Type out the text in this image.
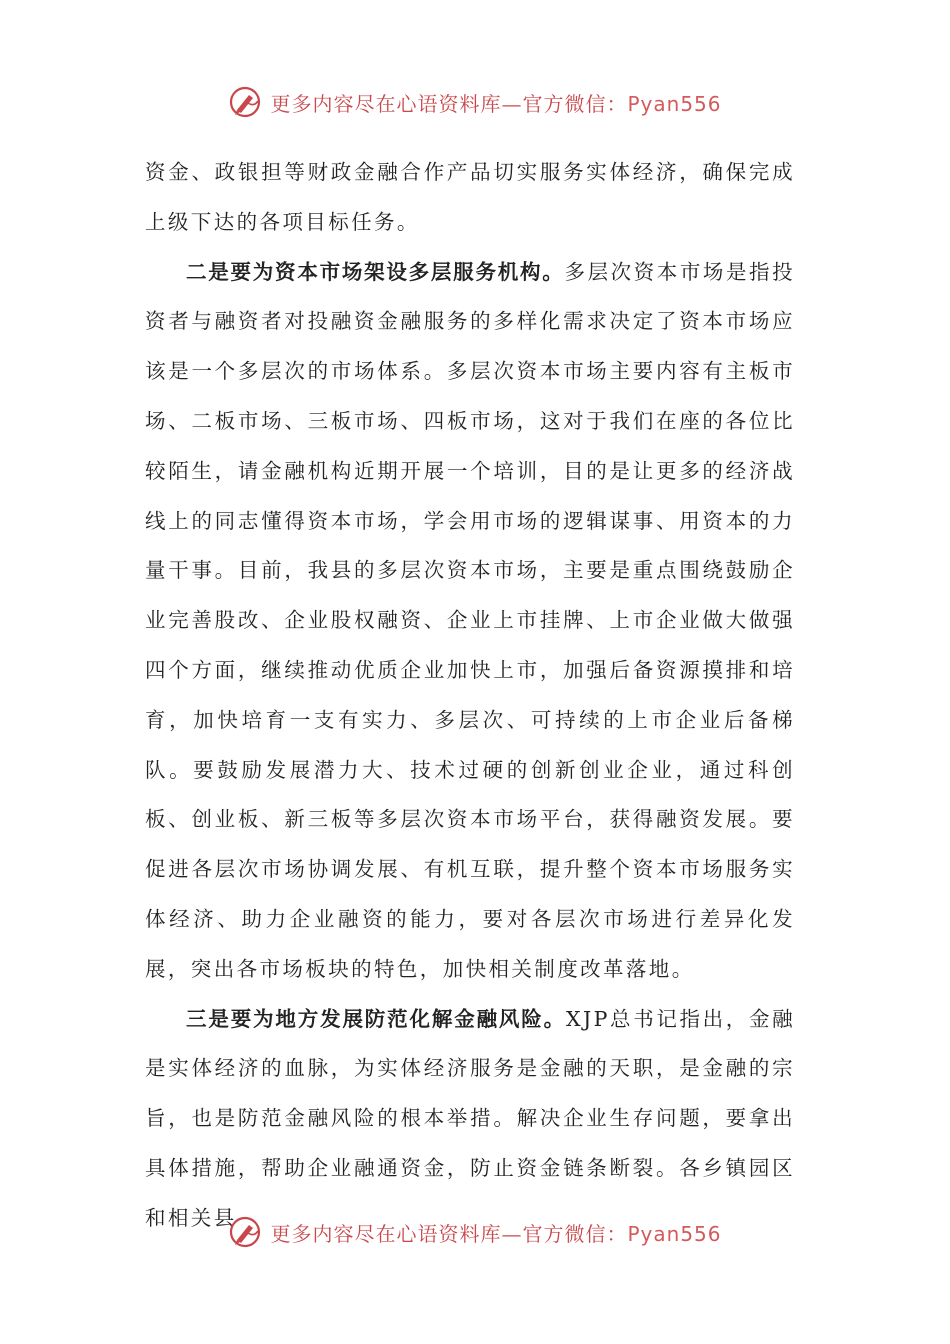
更多内容尽在心语资料库—官方微信：Pyan556

资金、政银担等财政金融合作产品切实服务实体经济，确保完成上级下达的各项目标任务。

二是要为资本市场架设多层服务机构。多层次资本市场是指投资者与融资者对投融资金融服务的多样化需求决定了资本市场应该是一个多层次的市场体系。多层次资本市场主要内容有主板市场、二板市场、三板市场、四板市场，这对于我们在座的各位比较陌生，请金融机构近期开展一个培训，目的是让更多的经济战线上的同志懂得资本市场，学会用市场的逻辑谋事、用资本的力量干事。目前，我县的多层次资本市场，主要是重点围绕鼓励企业完善股改、企业股权融资、企业上市挂牌、上市企业做大做强四个方面，继续推动优质企业加快上市，加强后备资源摸排和培育，加快培育一支有实力、多层次、可持续的上市企业后备梯队。要鼓励发展潜力大、技术过硬的创新创业企业，通过科创板、创业板、新三板等多层次资本市场平台，获得融资发展。要促进各层次市场协调发展、有机互联，提升整个资本市场服务实体经济、助力企业融资的能力，要对各层次市场进行差异化发展，突出各市场板块的特色，加快相关制度改革落地。

三是要为地方发展防范化解金融风险。XJP总书记指出，金融是实体经济的血脉，为实体经济服务是金融的天职，是金融的宗旨，也是防范金融风险的根本举措。解决企业生存问题，要拿出具体措施，帮助企业融通资金，防止资金链条断裂。各乡镇园区和相关县

更多内容尽在心语资料库—官方微信：Pyan556
